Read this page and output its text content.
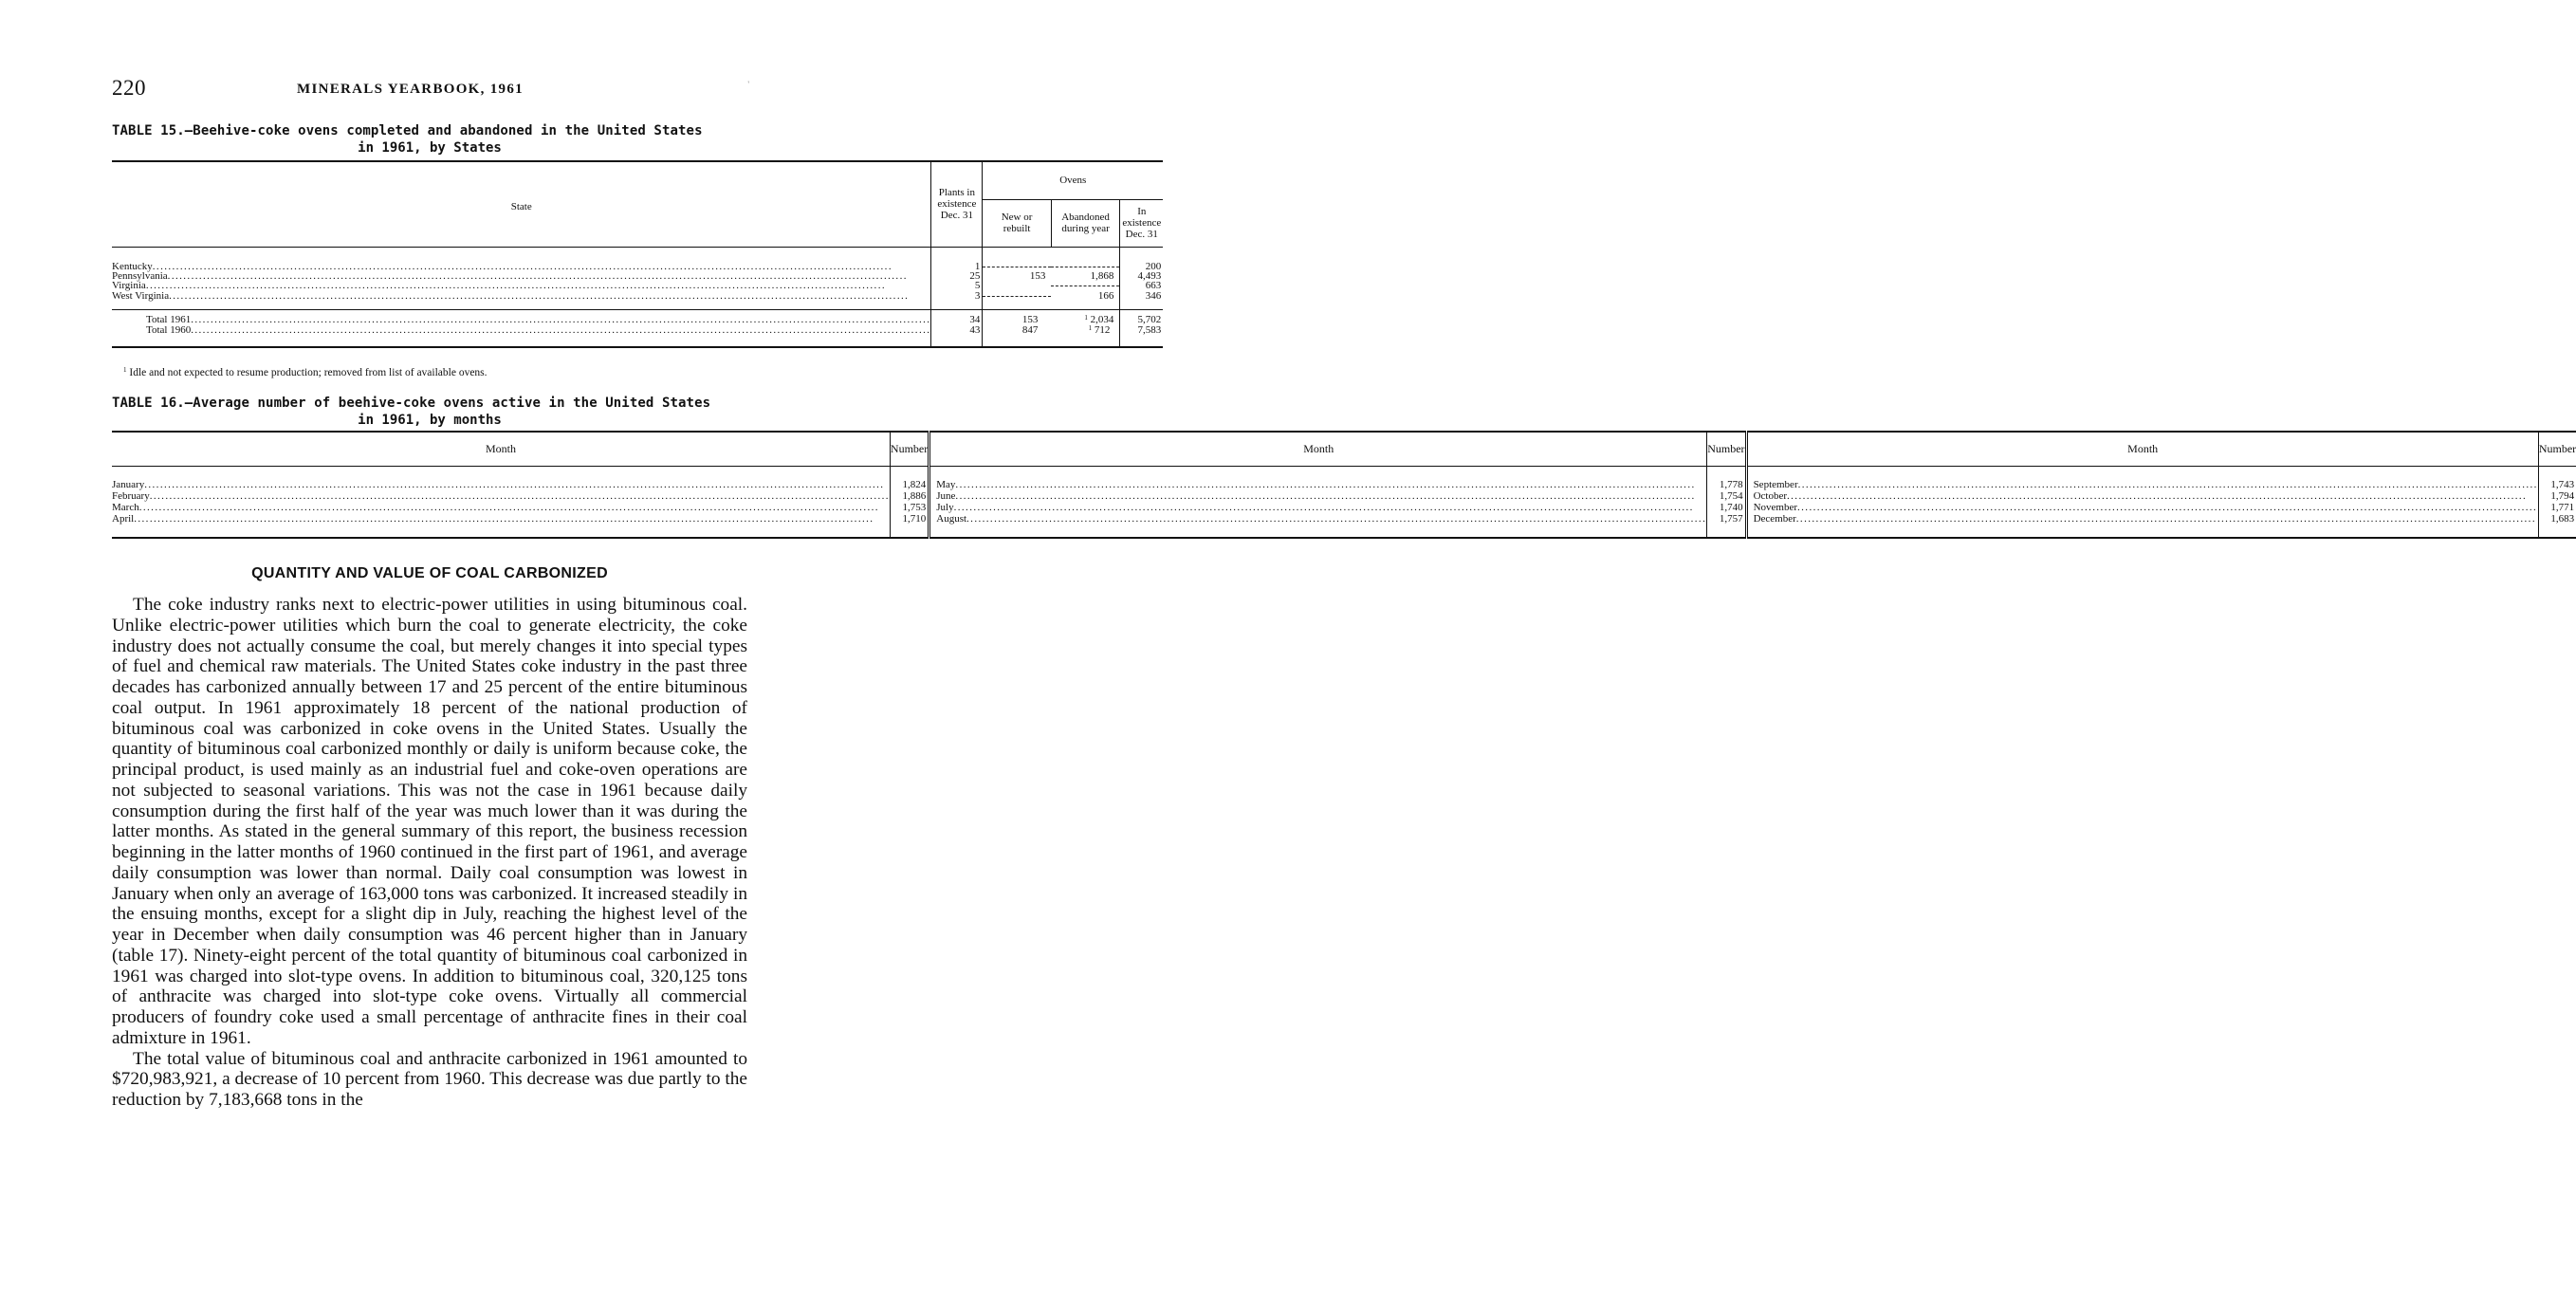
220	MINERALS YEARBOOK, 1961	'
TABLE 15.—Beehive-coke ovens completed and abandoned in the United States
in 1961, by States
State	Plants in existence Dec. 31	Ovens		
		New or rebuilt	Abandoned during year	In existence Dec. 31

Kentucky .....	1			200

Pennsylvania .....	25	153	1,868	4,493

Virginia .....	5			663

West Virginia .....	3		166	346

Total 1961 .....	34	153	$^1$ 2,034	5,702

Total 1960 .....	43	847	$^1$ 712	7,583

$^1$ Idle and not expected to resume production; removed from list of available ovens.
TABLE 16.—Average number of beehive-coke ovens active in the United States
in 1961, by months
Month	Number	Month	Number	Month	Number

January .....	1,824	May .....	1,778	September .....	1,743

February .....	1,886	June .....	1,754	October .....	1,794

March .....	1,753	July .....	1,740	November .....	1,771

April .....	1,710	August .....	1,757	December .....	1,683

QUANTITY AND VALUE OF COAL CARBONIZED

The coke industry ranks next to electric-power utilities in using bituminous coal. Unlike electric-power utilities which burn the coal to generate electricity, the coke industry does not actually consume the coal, but merely changes it into special types of fuel and chemical raw materials. The United States coke industry in the past three decades has carbonized annually between 17 and 25 percent of the entire bituminous coal output. In 1961 approximately 18 percent of the national production of bituminous coal was carbonized in coke ovens in the United States. Usually the quantity of bituminous coal carbonized monthly or daily is uniform because coke, the principal product, is used mainly as an industrial fuel and coke-oven operations are not subjected to seasonal variations. This was not the case in 1961 because daily consumption during the first half of the year was much lower than it was during the latter months. As stated in the general summary of this report, the business recession beginning in the latter months of 1960 continued in the first part of 1961, and average daily consumption was lower than normal. Daily coal consumption was lowest in January when only an average of 163,000 tons was carbonized. It increased steadily in the ensuing months, except for a slight dip in July, reaching the highest level of the year in December when daily consumption was 46 percent higher than in January (table 17). Ninety-eight percent of the total quantity of bituminous coal carbonized in 1961 was charged into slot-type ovens. In addition to bituminous coal, 320,125 tons of anthracite was charged into slot-type coke ovens. Virtually all commercial producers of foundry coke used a small percentage of anthracite fines in their coal admixture in 1961.

The total value of bituminous coal and anthracite carbonized in 1961 amounted to $720,983,921, a decrease of 10 percent from 1960. This decrease was due partly to the reduction by 7,183,668 tons in the
